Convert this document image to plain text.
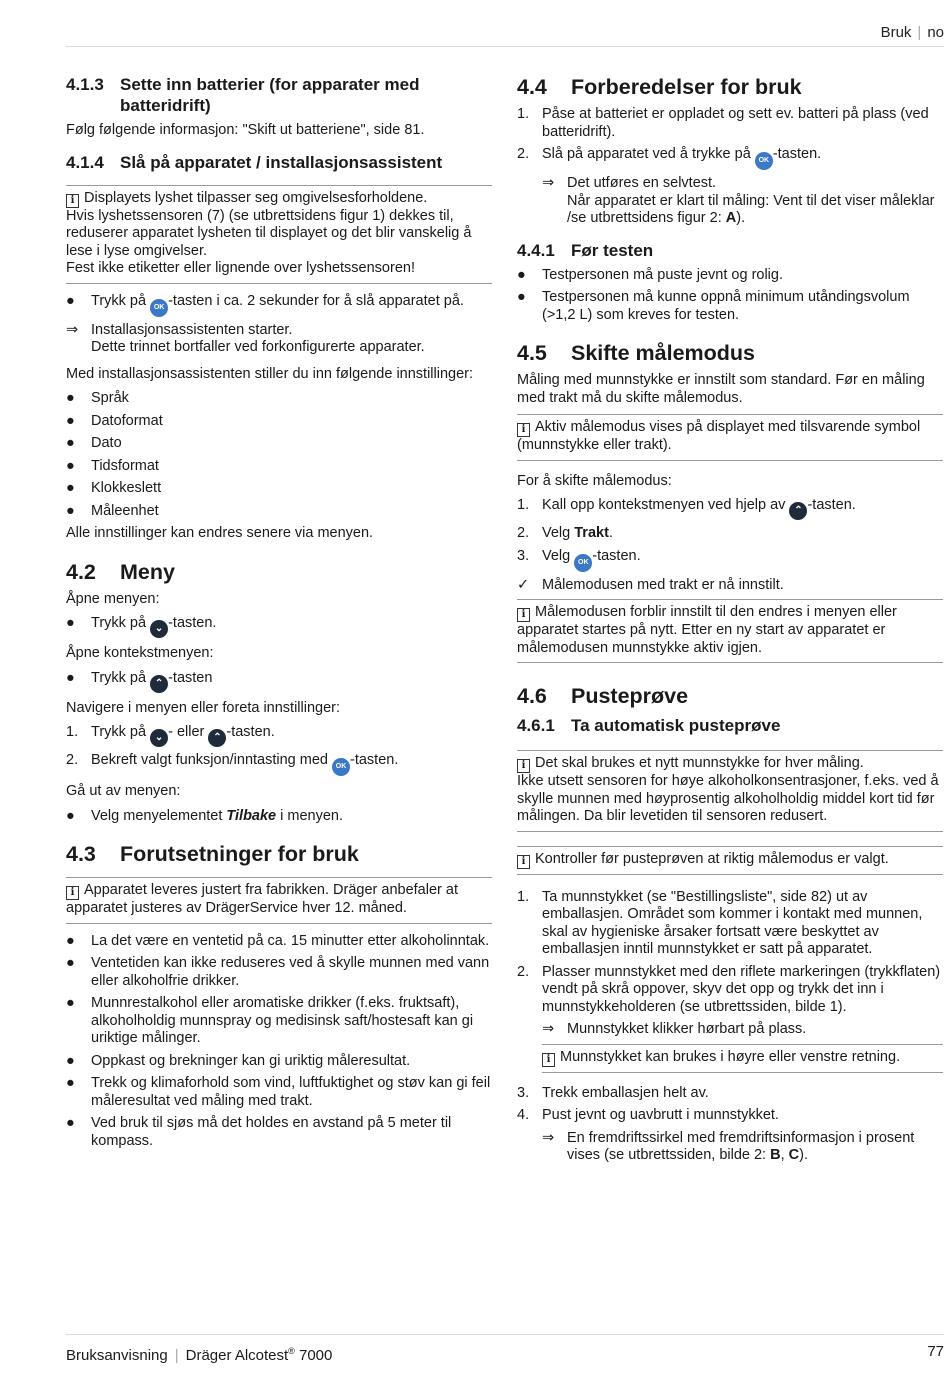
Bruk | no
4.1.3 Sette inn batterier (for apparater med batteridrift)

Følg følgende informasjon: "Skift ut batteriene", side 81.

4.1.4 Slå på apparatet / installasjonsassistent
i Displayets lyshet tilpasser seg omgivelsesforholdene.
Hvis lyshetssensoren (7) (se utbrettsidens figur 1) dekkes til, reduserer apparatet lysheten til displayet og det blir vanskelig å lese i lyse omgivelser.
Fest ikke etiketter eller lignende over lyshetssensoren!
●	Trykk på OK -tasten i ca. 2 sekunder for å slå apparatet på.
⇒ Installasjonsassistenten starter.
Dette trinnet bortfaller ved forkonfigurerte apparater.

Med installasjonsassistenten stiller du inn følgende innstillinger:

●	Språk
●	Datoformat
●	Dato
●	Tidsformat
●	Klokkeslett
●	Måleenhet

Alle innstillinger kan endres senere via menyen.

4.2	Meny

Åpne menyen:

●	Trykk på ⌄ -tasten.

Åpne kontekstmenyen:

●	Trykk på ⌃ -tasten

Navigere i menyen eller foreta innstillinger:

1. Trykk på ⌄ - eller ⌃ -tasten.
2. Bekreft valgt funksjon/inntasting med OK -tasten.

Gå ut av menyen:

●	Velg menyelementet Tilbake i menyen.
4.3	Forutsetninger for bruk
i Apparatet leveres justert fra fabrikken. Dräger anbefaler at apparatet justeres av DrägerService hver 12. måned.
●	La det være en ventetid på ca. 15 minutter etter alkoholinntak.
●	Ventetiden kan ikke reduseres ved å skylle munnen med vann eller alkoholfrie drikker.
●	Munnrestalkohol eller aromatiske drikker (f.eks. fruktsaft), alkoholholdig munnspray og medisinsk saft/hostesaft kan gi uriktige målinger.
●	Oppkast og brekninger kan gi uriktig måleresultat.
●	Trekk og klimaforhold som vind, luftfuktighet og støv kan gi feil måleresultat ved måling med trakt.
●	Ved bruk til sjøs må det holdes en avstand på 5 meter til kompass.
4.4	Forberedelser for bruk
1. Påse at batteriet er oppladet og sett ev. batteri på plass (ved batteridrift).
2. Slå på apparatet ved å trykke på OK -tasten.
⇒ Det utføres en selvtest.
Når apparatet er klart til måling: Vent til det viser måleklar /se utbrettsidens figur 2: A).
4.4.1 Før testen
●	Testpersonen må puste jevnt og rolig.
●	Testpersonen må kunne oppnå minimum utåndingsvolum (>1,2 L) som kreves for testen.
4.5	Skifte målemodus

Måling med munnstykke er innstilt som standard. Før en måling med trakt må du skifte målemodus.

i Aktiv målemodus vises på displayet med tilsvarende symbol (munnstykke eller trakt).

For å skifte målemodus:

1. Kall opp kontekstmenyen ved hjelp av ⌃ -tasten.
2. Velg Trakt.
3. Velg OK -tasten.
✓ Målemodusen med trakt er nå innstilt.
i Målemodusen forblir innstilt til den endres i menyen eller apparatet startes på nytt. Etter en ny start av apparatet er målemodusen munnstykke aktiv igjen.
4.6	Pusteprøve
4.6.1 Ta automatisk pusteprøve
i Det skal brukes et nytt munnstykke for hver måling.
Ikke utsett sensoren for høye alkoholkonsentrasjoner, f.eks. ved å skylle munnen med høyprosentig alkoholholdig middel kort tid før målingen. Da blir levetiden til sensoren redusert.
i Kontroller før pusteprøven at riktig målemodus er valgt.
1. Ta munnstykket (se "Bestillingsliste", side 82) ut av emballasjen. Området som kommer i kontakt med munnen, skal av hygieniske årsaker fortsatt være beskyttet av emballasjen inntil munnstykket er satt på apparatet.
2. Plasser munnstykket med den riflete markeringen (trykkflaten) vendt på skrå oppover, skyv det opp og trykk det inn i munnstykkeholderen (se utbrettssiden, bilde 1).
⇒ Munnstykket klikker hørbart på plass.
i Munnstykket kan brukes i høyre eller venstre retning.
3. Trekk emballasjen helt av.
4. Pust jevnt og uavbrutt i munnstykket.
⇒ En fremdriftssirkel med fremdriftsinformasjon i prosent vises (se utbrettssiden, bilde 2: B, C).
Bruksanvisning | Dräger Alcotest® 7000	77
